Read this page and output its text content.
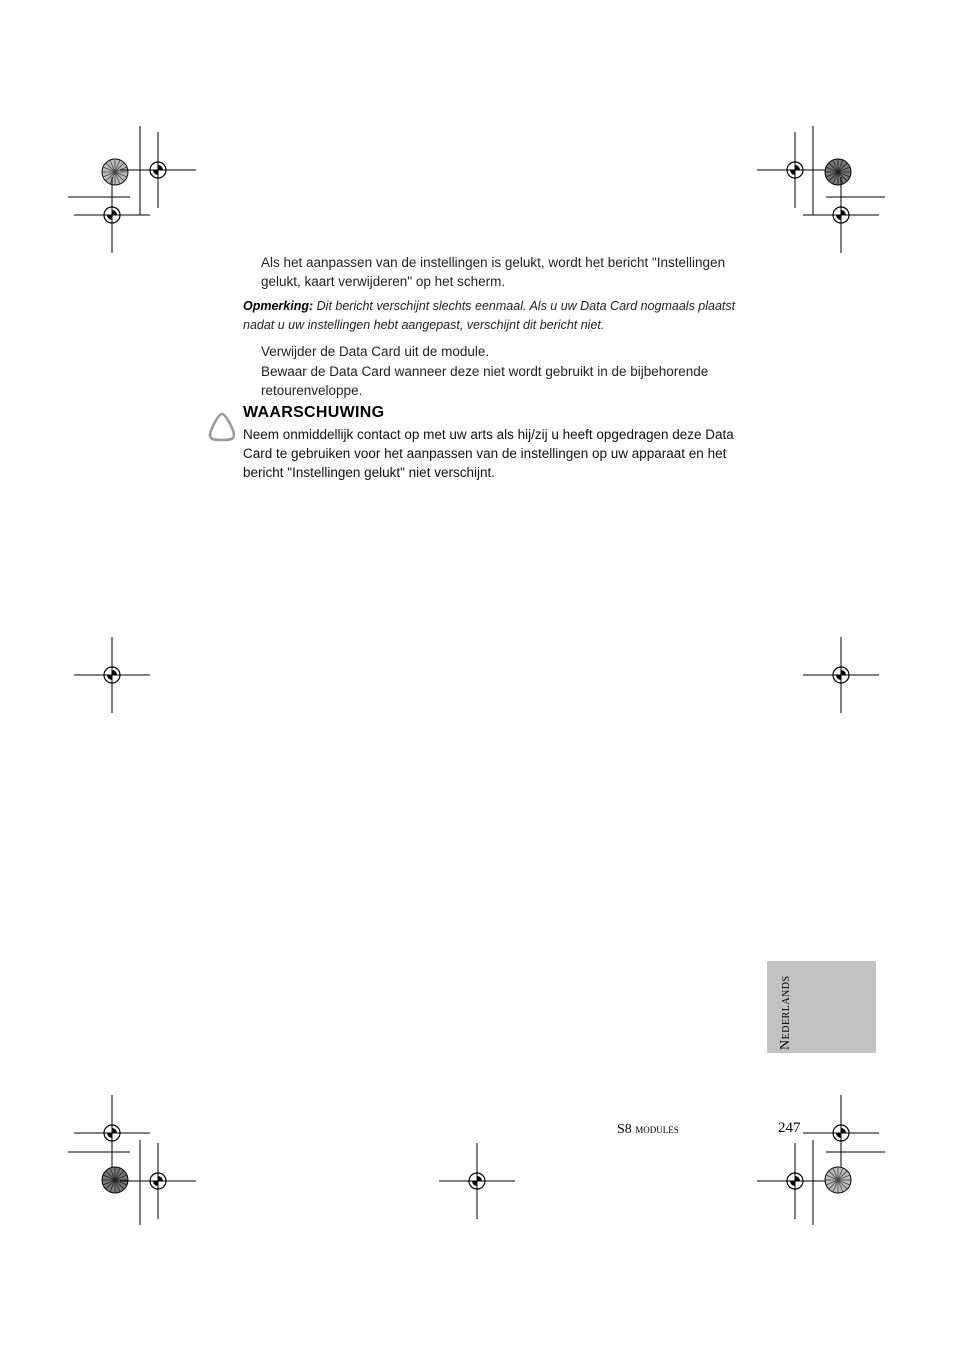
Als het aanpassen van de instellingen is gelukt, wordt het bericht "Instellingen gelukt, kaart verwijderen" op het scherm.
Opmerking: Dit bericht verschijnt slechts eenmaal. Als u uw Data Card nogmaals plaatst nadat u uw instellingen hebt aangepast, verschijnt dit bericht niet.
Verwijder de Data Card uit de module.
Bewaar de Data Card wanneer deze niet wordt gebruikt in de bijbehorende retourenveloppe.
WAARSCHUWING
Neem onmiddellijk contact op met uw arts als hij/zij u heeft opgedragen deze Data Card te gebruiken voor het aanpassen van de instellingen op uw apparaat en het bericht "Instellingen gelukt" niet verschijnt.
Nederlands
S8 modules	247
